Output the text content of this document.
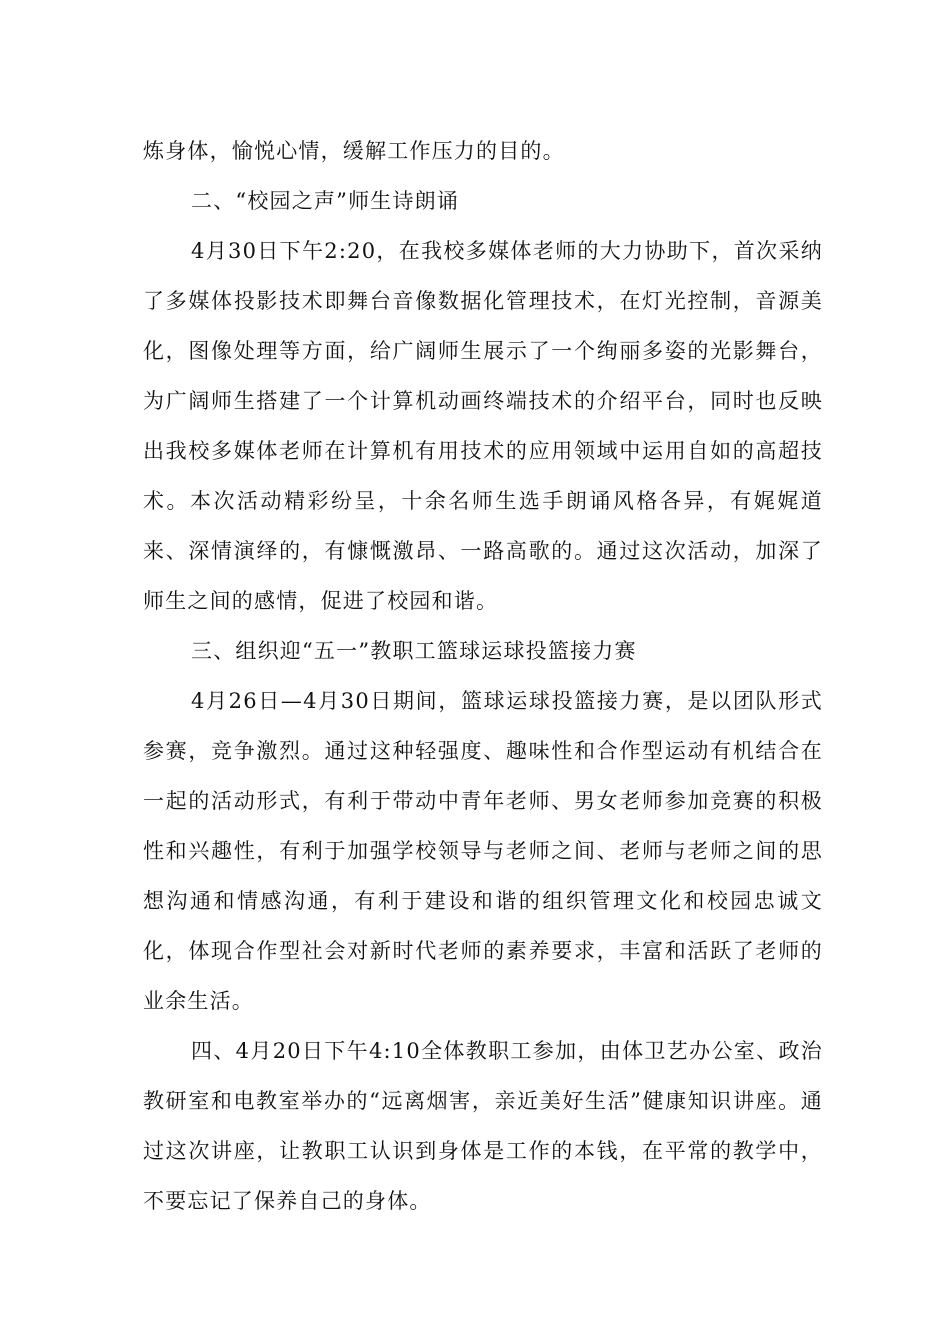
炼身体，愉悦心情，缓解工作压力的目的。

二、“校园之声”师生诗朗诵

4月30日下午2:20，在我校多媒体老师的大力协助下，首次采纳了多媒体投影技术即舞台音像数据化管理技术，在灯光控制，音源美化，图像处理等方面，给广阔师生展示了一个绚丽多姿的光影舞台，为广阔师生搭建了一个计算机动画终端技术的介绍平台，同时也反映出我校多媒体老师在计算机有用技术的应用领域中运用自如的高超技术。本次活动精彩纷呈，十余名师生选手朗诵风格各异，有娓娓道来、深情演绎的，有慷慨激昂、一路高歌的。通过这次活动，加深了师生之间的感情，促进了校园和谐。

三、组织迎“五一”教职工篮球运球投篮接力赛

4月26日—4月30日期间，篮球运球投篮接力赛，是以团队形式参赛，竞争激烈。通过这种轻强度、趣味性和合作型运动有机结合在一起的活动形式，有利于带动中青年老师、男女老师参加竞赛的积极性和兴趣性，有利于加强学校领导与老师之间、老师与老师之间的思想沟通和情感沟通，有利于建设和谐的组织管理文化和校园忠诚文化，体现合作型社会对新时代老师的素养要求，丰富和活跃了老师的业余生活。

四、4月20日下午4:10全体教职工参加，由体卫艺办公室、政治教研室和电教室举办的“远离烟害，亲近美好生活”健康知识讲座。通过这次讲座，让教职工认识到身体是工作的本钱，在平常的教学中，不要忘记了保养自己的身体。
